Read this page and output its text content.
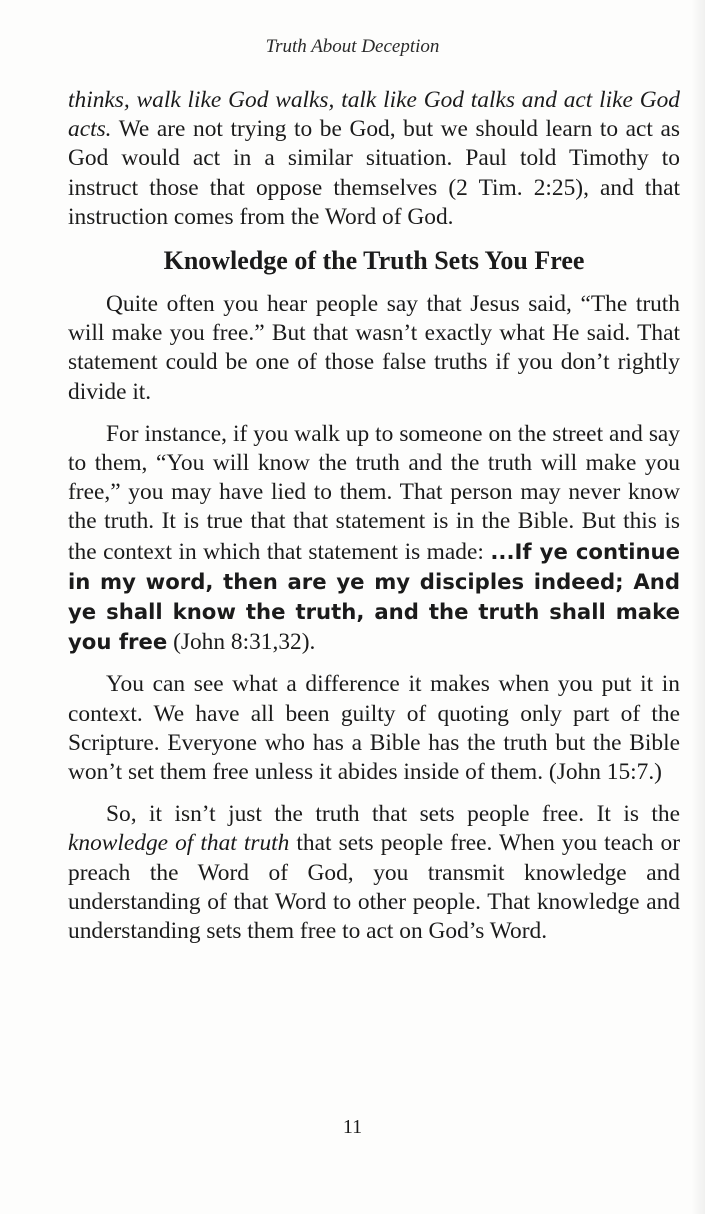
Truth About Deception

thinks, walk like God walks, talk like God talks and act like God acts. We are not trying to be God, but we should learn to act as God would act in a similar situation. Paul told Timothy to instruct those that oppose themselves (2 Tim. 2:25), and that instruction comes from the Word of God.

Knowledge of the Truth Sets You Free

Quite often you hear people say that Jesus said, “The truth will make you free.” But that wasn’t exactly what He said. That statement could be one of those false truths if you don’t rightly divide it.

For instance, if you walk up to someone on the street and say to them, “You will know the truth and the truth will make you free,” you may have lied to them. That person may never know the truth. It is true that that statement is in the Bible. But this is the context in which that statement is made: ...If ye continue in my word, then are ye my disciples indeed; And ye shall know the truth, and the truth shall make you free (John 8:31,32).

You can see what a difference it makes when you put it in context. We have all been guilty of quoting only part of the Scripture. Everyone who has a Bible has the truth but the Bible won’t set them free unless it abides inside of them. (John 15:7.)

So, it isn’t just the truth that sets people free. It is the knowledge of that truth that sets people free. When you teach or preach the Word of God, you transmit knowledge and understanding of that Word to other people. That knowledge and understanding sets them free to act on God’s Word.

11
